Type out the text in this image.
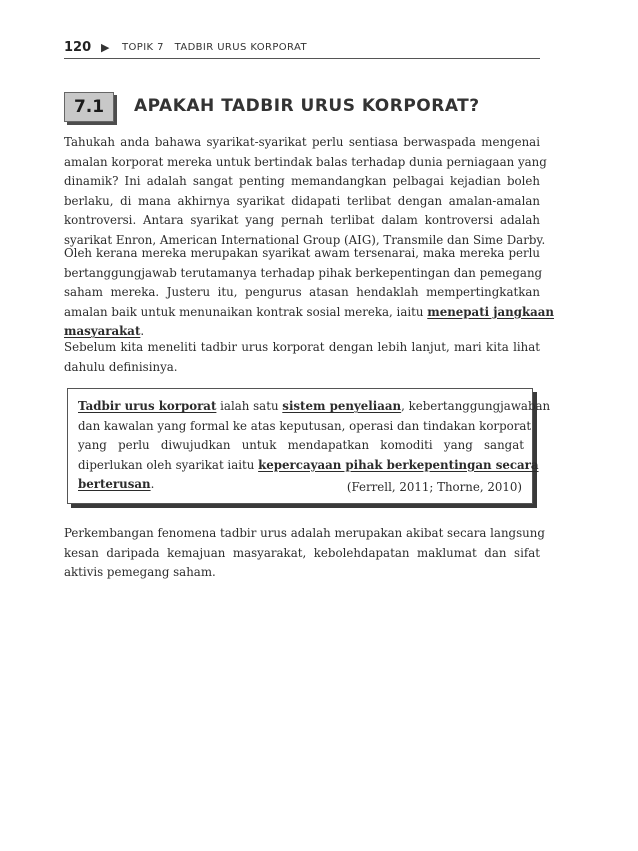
120 ▶ TOPIK 7   TADBIR URUS KORPORAT
7.1	APAKAH TADBIR URUS KORPORAT?

Tahukah anda bahawa syarikat-syarikat perlu sentiasa berwaspada mengenai
amalan korporat mereka untuk bertindak balas terhadap dunia perniagaan yang
dinamik? Ini adalah sangat penting memandangkan pelbagai kejadian boleh
berlaku, di mana akhirnya syarikat didapati terlibat dengan amalan-amalan
kontroversi. Antara syarikat yang pernah terlibat dalam kontroversi adalah
syarikat Enron, American International Group (AIG), Transmile dan Sime Darby.

Oleh kerana mereka merupakan syarikat awam tersenarai, maka mereka perlu
bertanggungjawab terutamanya terhadap pihak berkepentingan dan pemegang
saham mereka. Justeru itu, pengurus atasan hendaklah mempertingkatkan
amalan baik untuk menunaikan kontrak sosial mereka, iaitu menepati jangkaan
masyarakat.

Sebelum kita meneliti tadbir urus korporat dengan lebih lanjut, mari kita lihat
dahulu definisinya.

Tadbir urus korporat ialah satu sistem penyeliaan, kebertanggungjawaban
dan kawalan yang formal ke atas keputusan, operasi dan tindakan korporat
yang perlu diwujudkan untuk mendapatkan komoditi yang sangat
diperlukan oleh syarikat iaitu kepercayaan pihak berkepentingan secara
berterusan.	(Ferrell, 2011; Thorne, 2010)

Perkembangan fenomena tadbir urus adalah merupakan akibat secara langsung
kesan daripada kemajuan masyarakat, kebolehdapatan maklumat dan sifat
aktivis pemegang saham.
